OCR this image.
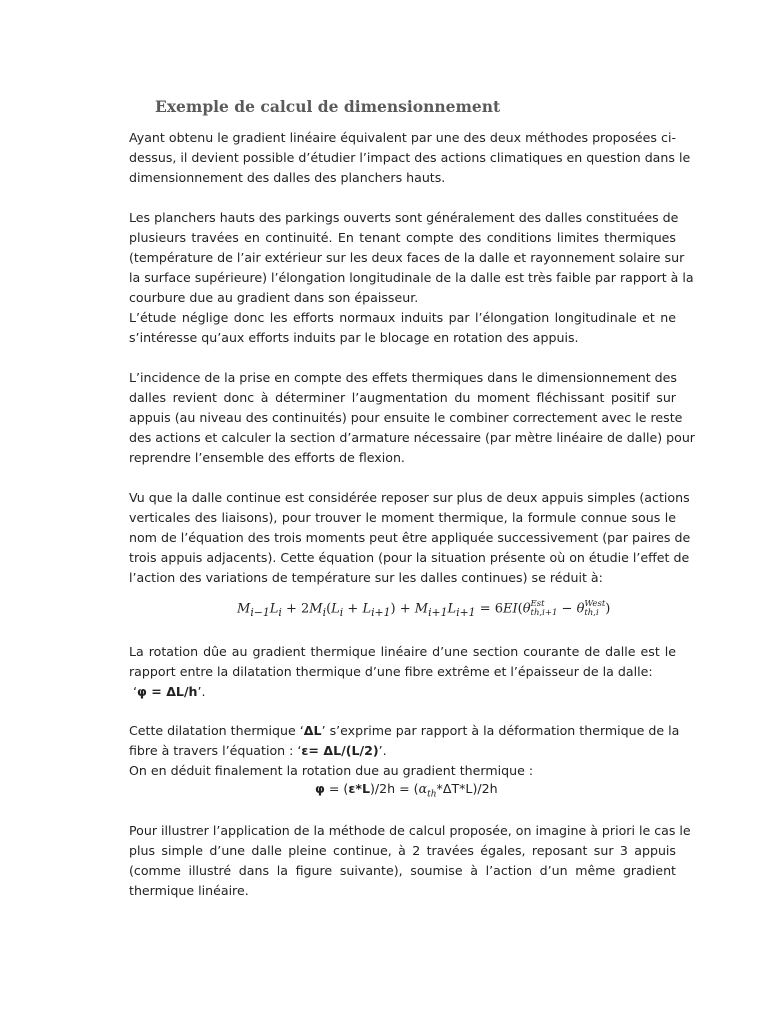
Exemple de calcul de dimensionnement
Ayant obtenu le gradient linéaire équivalent par une des deux méthodes proposées ci-
dessus, il devient possible d’étudier l’impact des actions climatiques en question dans le
dimensionnement des dalles des planchers hauts.
Les planchers hauts des parkings ouverts sont généralement des dalles constituées de
plusieurs travées en continuité. En tenant compte des conditions limites thermiques
(température de l’air extérieur sur les deux faces de la dalle et rayonnement solaire sur
la surface supérieure) l’élongation longitudinale de la dalle est très faible par rapport à la
courbure due au gradient dans son épaisseur.
L’étude néglige donc les efforts normaux induits par l’élongation longitudinale et ne
s’intéresse qu’aux efforts induits par le blocage en rotation des appuis.
L’incidence de la prise en compte des effets thermiques dans le dimensionnement des
dalles revient donc à déterminer l’augmentation du moment fléchissant positif sur
appuis (au niveau des continuités) pour ensuite le combiner correctement avec le reste
des actions et calculer la section d’armature nécessaire (par mètre linéaire de dalle) pour
reprendre l’ensemble des efforts de flexion.
Vu que la dalle continue est considérée reposer sur plus de deux appuis simples (actions
verticales des liaisons), pour trouver le moment thermique, la formule connue sous le
nom de l’équation des trois moments peut être appliquée successivement (par paires de
trois appuis adjacents). Cette équation (pour la situation présente où on étudie l’effet de
l’action des variations de température sur les dalles continues) se réduit à:
$M_{i-1}L_i + 2M_i(L_i + L_{i+1}) + M_{i+1}L_{i+1} = 6EI(\theta$ Est
th,i+1 − θ West
th,i )
La rotation dûe au gradient thermique linéaire d’une section courante de dalle est le
rapport entre la dilatation thermique d’une fibre extrême et l’épaisseur de la dalle:
‘φ = ΔL/h’.
Cette dilatation thermique ‘ΔL’ s’exprime par rapport à la déformation thermique de la
fibre à travers l’équation : ‘ε= ΔL/(L/2)’.
On en déduit finalement la rotation due au gradient thermique :
$\varphi = (\varepsilon*L)/2h = (\alpha_{th}*\Delta T*L)/2h$
Pour illustrer l’application de la méthode de calcul proposée, on imagine à priori le cas le
plus simple d’une dalle pleine continue, à 2 travées égales, reposant sur 3 appuis
(comme illustré dans la figure suivante), soumise à l’action d’un même gradient
thermique linéaire.
